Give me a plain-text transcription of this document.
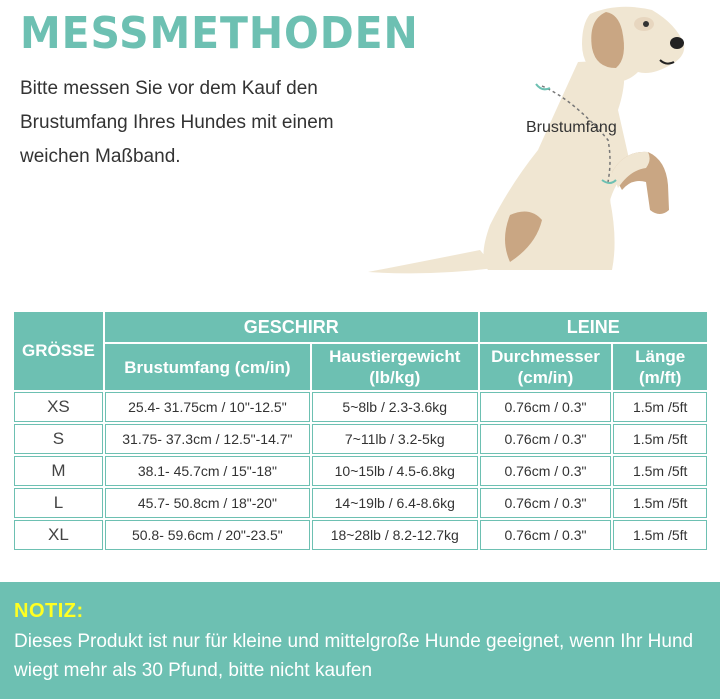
MESSMETHODEN
Bitte messen Sie vor dem Kauf den Brustumfang Ihres Hundes mit einem weichen Maßband.
Brustumfang
GRÖSSE	GESCHIRR		LEINE	
	Brustumfang (cm/in)	Haustiergewicht (lb/kg)	Durchmesser (cm/in)	Länge (m/ft)
XS	25.4- 31.75cm / 10"-12.5"	5~8lb / 2.3-3.6kg	0.76cm / 0.3"	1.5m /5ft
S	31.75- 37.3cm / 12.5"-14.7"	7~11lb / 3.2-5kg	0.76cm / 0.3"	1.5m /5ft
M	38.1- 45.7cm / 15"-18"	10~15lb / 4.5-6.8kg	0.76cm / 0.3"	1.5m /5ft
L	45.7- 50.8cm / 18"-20"	14~19lb / 6.4-8.6kg	0.76cm / 0.3"	1.5m /5ft
XL	50.8- 59.6cm / 20"-23.5"	18~28lb / 8.2-12.7kg	0.76cm / 0.3"	1.5m /5ft
NOTIZ:
Dieses Produkt ist nur für kleine und mittelgroße Hunde geeignet, wenn Ihr Hund wiegt mehr als 30 Pfund, bitte nicht kaufen
